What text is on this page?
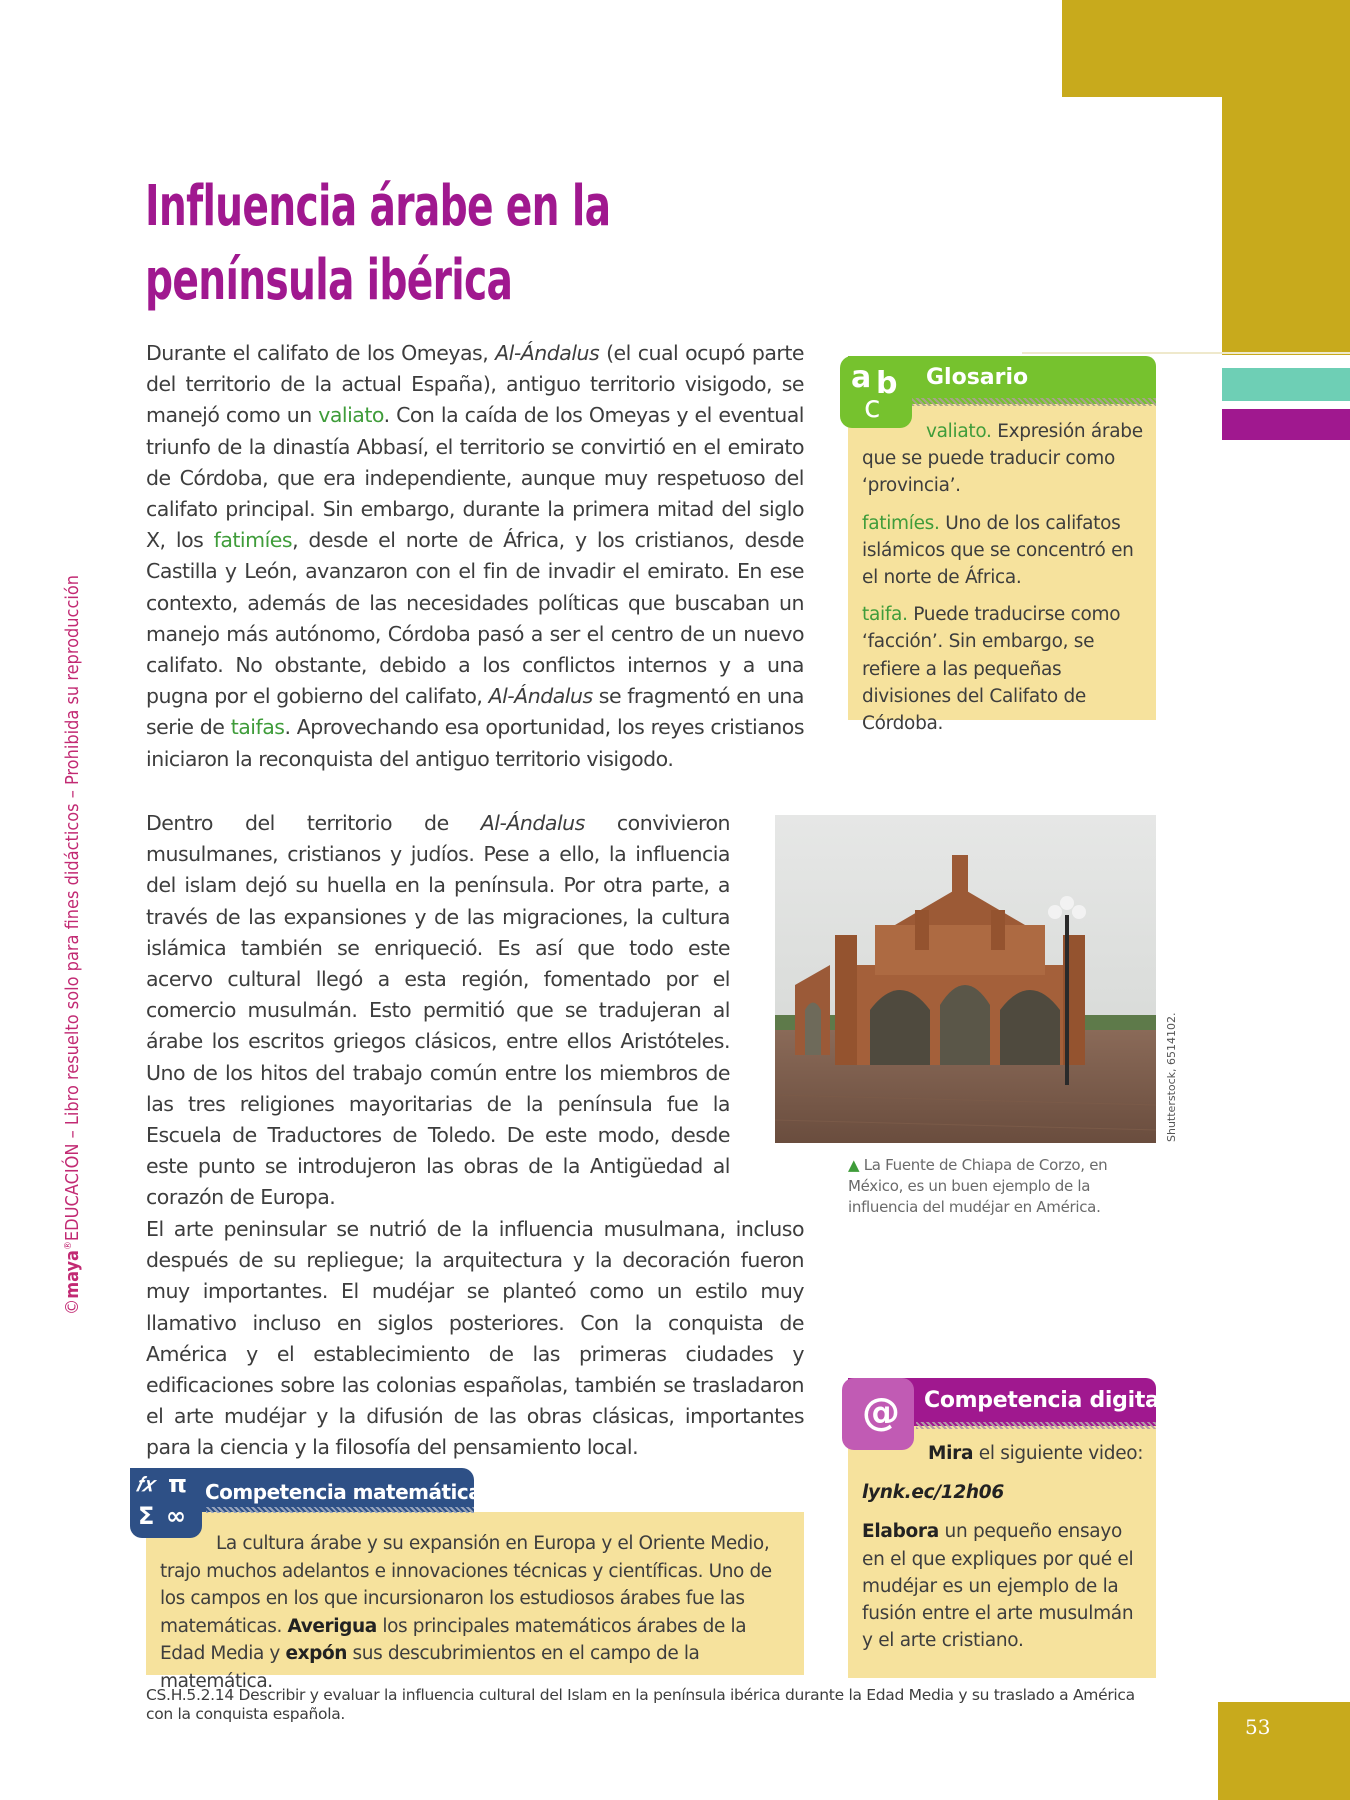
©maya®EDUCACIÓN – Libro resuelto solo para fines didácticos – Prohibida su reproducción
Influencia árabe en la península ibérica

Durante el califato de los Omeyas, Al-Ándalus (el cual ocupó parte del territorio de la actual España), antiguo territorio visigodo, se manejó como un valiato. Con la caída de los Omeyas y el eventual triunfo de la dinastía Abbasí, el territorio se convirtió en el emirato de Córdoba, que era independiente, aunque muy respetuoso del califato principal. Sin embargo, durante la primera mitad del siglo X, los fatimíes, desde el norte de África, y los cristianos, desde Castilla y León, avanzaron con el fin de invadir el emirato. En ese contexto, además de las necesidades políticas que buscaban un manejo más autónomo, Córdoba pasó a ser el centro de un nuevo califato. No obstante, debido a los conflictos internos y a una pugna por el gobierno del califato, Al-Ándalus se fragmentó en una serie de taifas. Aprovechando esa oportunidad, los reyes cristianos iniciaron la reconquista del antiguo territorio visigodo.

a b
c
Glosario

valiato. Expresión árabe que se puede traducir como ‘provincia’.

fatimíes. Uno de los califatos islámicos que se concentró en el norte de África.

taifa. Puede traducirse como ‘facción’. Sin embargo, se refiere a las pequeñas divisiones del Califato de Córdoba.

Dentro del territorio de Al-Ándalus convivieron musulmanes, cristianos y judíos. Pese a ello, la influencia del islam dejó su huella en la península. Por otra parte, a través de las expansiones y de las migraciones, la cultura islámica también se enriqueció. Es así que todo este acervo cultural llegó a esta región, fomentado por el comercio musulmán. Esto permitió que se tradujeran al árabe los escritos griegos clásicos, entre ellos Aristóteles. Uno de los hitos del trabajo común entre los miembros de las tres religiones mayoritarias de la península fue la Escuela de Traductores de Toledo. De este modo, desde este punto se introdujeron las obras de la Antigüedad al corazón de Europa.

Shutterstock, 6514102.

▲ La Fuente de Chiapa de Corzo, en México, es un buen ejemplo de la influencia del mudéjar en América.

El arte peninsular se nutrió de la influencia musulmana, incluso después de su repliegue; la arquitectura y la decoración fueron muy importantes. El mudéjar se planteó como un estilo muy llamativo incluso en siglos posteriores. Con la conquista de América y el establecimiento de las primeras ciudades y edificaciones sobre las colonias españolas, también se trasladaron el arte mudéjar y la difusión de las obras clásicas, importantes para la ciencia y la filosofía del pensamiento local.

𝑓𝑥 π
Σ ∞
Competencia matemática

La cultura árabe y su expansión en Europa y el Oriente Medio, trajo muchos adelantos e innovaciones técnicas y científicas. Uno de los campos en los que incursionaron los estudiosos árabes fue las matemáticas. Averigua los principales matemáticos árabes de la Edad Media y expón sus descubrimientos en el campo de la matemática.

@ Competencia digital

Mira el siguiente video:

lynk.ec/12h06

Elabora un pequeño ensayo en el que expliques por qué el mudéjar es un ejemplo de la fusión entre el arte musulmán y el arte cristiano.

CS.H.5.2.14 Describir y evaluar la influencia cultural del Islam en la península ibérica durante la Edad Media y su traslado a América con la conquista española.

53
